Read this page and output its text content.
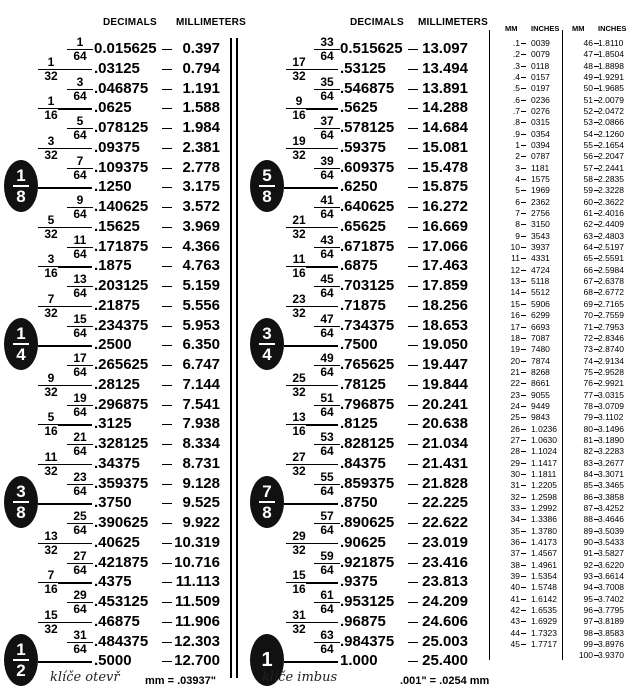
DECIMALS MILLIMETERS	DECIMALS MILLIMETERS
MM INCHES MM INCHES
$\frac{1}{64} 0.015625$	0.397
$\frac{1}{32} .03125$	0.794
$\frac{3}{64} .046875$	1.191
$\frac{1}{16} .0625$	1.588
$\frac{5}{64} .078125$	1.984
$\frac{3}{32} .09375$	2.381
$\frac{7}{64} .109375$	2.778
$\frac{1}{8}$	.1250	3.175
$\frac{9}{64} .140625$	3.572
$\frac{5}{32} .15625$	3.969
$\frac{11}{64} .171875$	4.366
$\frac{3}{16} .1875$	4.763
$\frac{13}{64} .203125$	5.159
$\frac{7}{32} .21875$	5.556
$\frac{15}{64} .234375$	5.953
$\frac{1}{4}$	.2500	6.350
$\frac{17}{64} .265625$	6.747
$\frac{9}{32} .28125$	7.144
$\frac{19}{64} .296875$	7.541
$\frac{5}{16} .3125$	7.938
$\frac{21}{64} .328125$	8.334
$\frac{11}{32} .34375$	8.731
$\frac{23}{64} .359375$	9.128
$\frac{3}{8}$	.3750	9.525
$\frac{25}{64} .390625$	9.922
$\frac{13}{32} .40625$	10.319
$\frac{27}{64} .421875$	10.716
$\frac{7}{16} .4375$	11.113
$\frac{29}{64} .453125$	11.509
$\frac{15}{32} .46875$	11.906
$\frac{31}{64} .484375$	12.303
$\frac{1}{2}$	.5000	12.700
$\frac{33}{64} 0.515625$	13.097
$\frac{17}{32} .53125$	13.494
$\frac{35}{64} .546875$	13.891
$\frac{9}{16} .5625$	14.288
$\frac{37}{64} .578125$	14.684
$\frac{19}{32} .59375$	15.081
$\frac{39}{64} .609375$	15.478
$\frac{5}{8}$	.6250	15.875
$\frac{41}{64} .640625$	16.272
$\frac{21}{32} .65625$	16.669
$\frac{43}{64} .671875$	17.066
$\frac{11}{16} .6875$	17.463
$\frac{45}{64} .703125$	17.859
$\frac{23}{32} .71875$	18.256
$\frac{47}{64} .734375$	18.653
$\frac{3}{4}$	.7500	19.050
$\frac{49}{64} .765625$	19.447
$\frac{25}{32} .78125$	19.844
$\frac{51}{64} .796875$	20.241
$\frac{13}{16} .8125$	20.638
$\frac{53}{64} .828125$	21.034
$\frac{27}{32} .84375$	21.431
$\frac{55}{64} .859375$	21.828
$\frac{7}{8}$	.8750	22.225
$\frac{57}{64} .890625$	22.622
$\frac{29}{32} .90625$	23.019
$\frac{59}{64} .921875$	23.416
$\frac{15}{16} .9375$	23.813
$\frac{61}{64} .953125$	24.209
$\frac{31}{32} .96875$	24.606
$\frac{63}{64} .984375$	25.003
1	1.000	25.400
.1 0039
.2 0079
.3 0118
.4 0157
.5 0197
.6 0236
.7 0276
.8 0315
.9 0354
1 0394
2 0787
3 1181
4 1575
5 1969
6 2362
7 2756
8 3150
9 3543
10 3937
11 4331
12 4724
13 5118
14 5512
15 5906
16 6299
17 6693
18 7087
19 7480
20 7874
21 8268
22 8661
23 9055
24 9449
25 9843
26 1.0236
27 1.0630
28 1.1024
29 1.1417
30 1.1811
31 1.2205
32 1.2598
33 1.2992
34 1.3386
35 1.3780
36 1.4173
37 1.4567
38 1.4961
39 1.5354
40 1.5748
41 1.6142
42 1.6535
43 1.6929
44 1.7323
45 1.7717
46 1.8110
47 1.8504
48 1.8898
49 1.9291
50 1.9685
51 2.0079
52 2.0472
53 2.0866
54 2.1260
55 2.1654
56 2.2047
57 2.2441
58 2.2835
59 2.3228
60 2.3622
61 2.4016
62 2.4409
63 2.4803
64 2.5197
65 2.5591
66 2.5984
67 2.6378
68 2.6772
69 2.7165
70 2.7559
71 2.7953
72 2.8346
73 2.8740
74 2.9134
75 2.9528
76 2.9921
77 3.0315
78 3.0709
79 3.1102
80 3.1496
81 3.1890
82 3.2283
83 3.2677
84 3.3071
85 3.3465
86 3.3858
87 3.4252
88 3.4646
89 3.5039
90 3.5433
91 3.5827
92 3.6220
93 3.6614
94 3.7008
95 3.7402
96 3.7795
97 3.8189
98 3.8583
99 3.8976
100 3.9370
klíče otevř mm = .03937"	klíče imbus	.001" = .0254 mm
